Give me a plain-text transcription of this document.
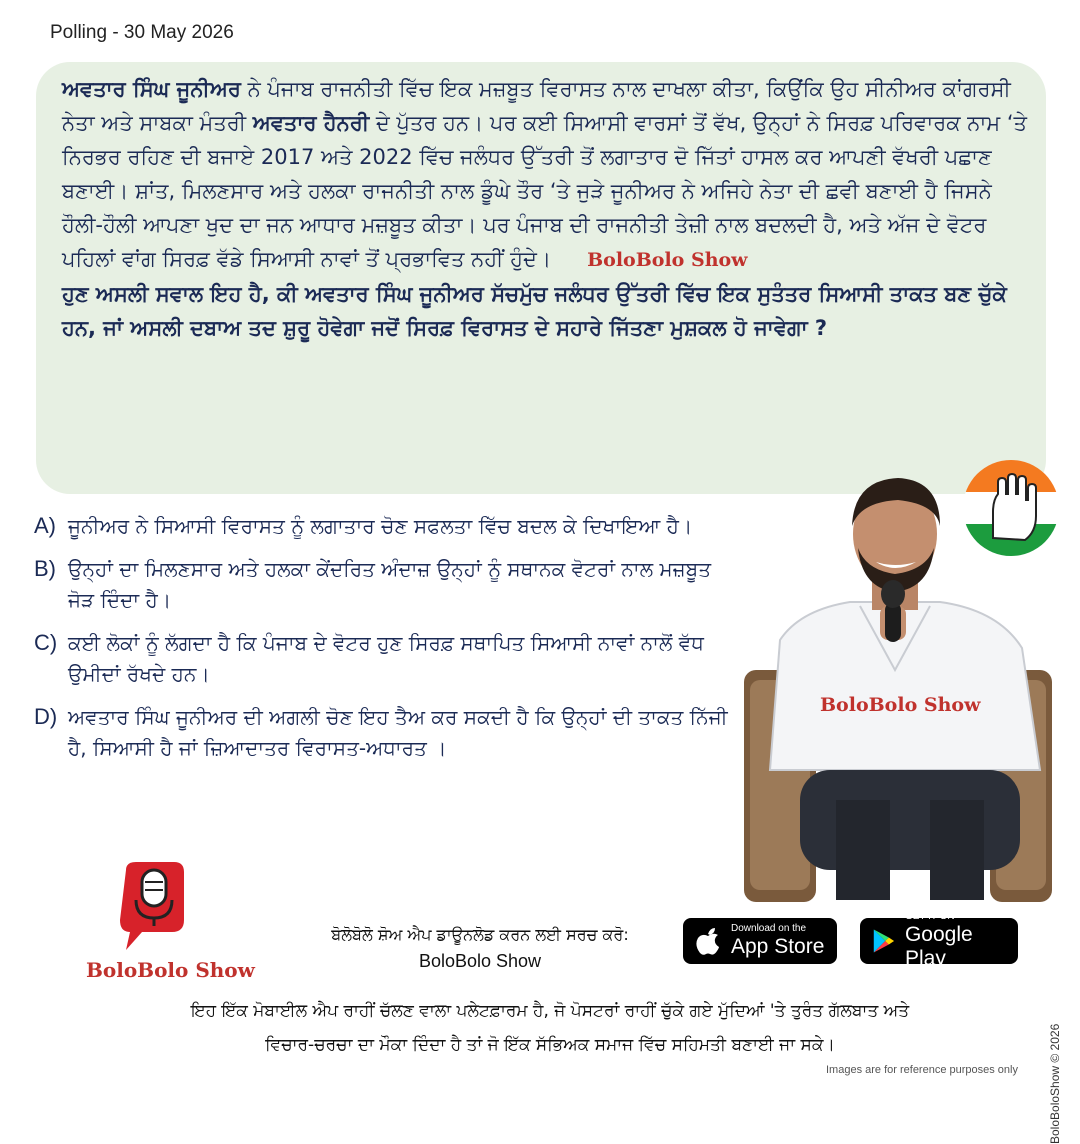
Polling - 30 May 2026
ਅਵਤਾਰ ਸਿੰਘ ਜੂਨੀਅਰ ਨੇ ਪੰਜਾਬ ਰਾਜਨੀਤੀ ਵਿੱਚ ਇਕ ਮਜ਼ਬੂਤ ਵਿਰਾਸਤ ਨਾਲ ਦਾਖਲਾ ਕੀਤਾ, ਕਿਉਂਕਿ ਉਹ ਸੀਨੀਅਰ ਕਾਂਗਰਸੀ ਨੇਤਾ ਅਤੇ ਸਾਬਕਾ ਮੰਤਰੀ ਅਵਤਾਰ ਹੈਨਰੀ ਦੇ ਪੁੱਤਰ ਹਨ। ਪਰ ਕਈ ਸਿਆਸੀ ਵਾਰਸਾਂ ਤੋਂ ਵੱਖ, ਉਨ੍ਹਾਂ ਨੇ ਸਿਰਫ਼ ਪਰਿਵਾਰਕ ਨਾਮ ‘ਤੇ ਨਿਰਭਰ ਰਹਿਣ ਦੀ ਬਜਾਏ 2017 ਅਤੇ 2022 ਵਿੱਚ ਜਲੰਧਰ ਉੱਤਰੀ ਤੋਂ ਲਗਾਤਾਰ ਦੋ ਜਿੱਤਾਂ ਹਾਸਲ ਕਰ ਆਪਣੀ ਵੱਖਰੀ ਪਛਾਣ ਬਣਾਈ। ਸ਼ਾਂਤ, ਮਿਲਣਸਾਰ ਅਤੇ ਹਲਕਾ ਰਾਜਨੀਤੀ ਨਾਲ ਡੂੰਘੇ ਤੌਰ ‘ਤੇ ਜੁੜੇ ਜੂਨੀਅਰ ਨੇ ਅਜਿਹੇ ਨੇਤਾ ਦੀ ਛਵੀ ਬਣਾਈ ਹੈ ਜਿਸਨੇ ਹੌਲੀ-ਹੌਲੀ ਆਪਣਾ ਖੁਦ ਦਾ ਜਨ ਆਧਾਰ ਮਜ਼ਬੂਤ ਕੀਤਾ। ਪਰ ਪੰਜਾਬ ਦੀ ਰਾਜਨੀਤੀ ਤੇਜ਼ੀ ਨਾਲ ਬਦਲਦੀ ਹੈ, ਅਤੇ ਅੱਜ ਦੇ ਵੋਟਰ ਪਹਿਲਾਂ ਵਾਂਗ ਸਿਰਫ਼ ਵੱਡੇ ਸਿਆਸੀ ਨਾਵਾਂ ਤੋਂ ਪ੍ਰਭਾਵਿਤ ਨਹੀਂ ਹੁੰਦੇ। BoloBolo Show
ਹੁਣ ਅਸਲੀ ਸਵਾਲ ਇਹ ਹੈ, ਕੀ ਅਵਤਾਰ ਸਿੰਘ ਜੂਨੀਅਰ ਸੱਚਮੁੱਚ ਜਲੰਧਰ ਉੱਤਰੀ ਵਿੱਚ ਇਕ ਸੁਤੰਤਰ ਸਿਆਸੀ ਤਾਕਤ ਬਣ ਚੁੱਕੇ ਹਨ, ਜਾਂ ਅਸਲੀ ਦਬਾਅ ਤਦ ਸ਼ੁਰੂ ਹੋਵੇਗਾ ਜਦੋਂ ਸਿਰਫ਼ ਵਿਰਾਸਤ ਦੇ ਸਹਾਰੇ ਜਿੱਤਣਾ ਮੁਸ਼ਕਲ ਹੋ ਜਾਵੇਗਾ ?
A) ਜੂਨੀਅਰ ਨੇ ਸਿਆਸੀ ਵਿਰਾਸਤ ਨੂੰ ਲਗਾਤਾਰ ਚੋਣ ਸਫਲਤਾ ਵਿੱਚ ਬਦਲ ਕੇ ਦਿਖਾਇਆ ਹੈ।
B) ਉਨ੍ਹਾਂ ਦਾ ਮਿਲਣਸਾਰ ਅਤੇ ਹਲਕਾ ਕੇਂਦਰਿਤ ਅੰਦਾਜ਼ ਉਨ੍ਹਾਂ ਨੂੰ ਸਥਾਨਕ ਵੋਟਰਾਂ ਨਾਲ ਮਜ਼ਬੂਤ ਜੋੜ ਦਿੰਦਾ ਹੈ।
C) ਕਈ ਲੋਕਾਂ ਨੂੰ ਲੱਗਦਾ ਹੈ ਕਿ ਪੰਜਾਬ ਦੇ ਵੋਟਰ ਹੁਣ ਸਿਰਫ਼ ਸਥਾਪਿਤ ਸਿਆਸੀ ਨਾਵਾਂ ਨਾਲੋਂ ਵੱਧ ਉਮੀਦਾਂ ਰੱਖਦੇ ਹਨ।
D) ਅਵਤਾਰ ਸਿੰਘ ਜੂਨੀਅਰ ਦੀ ਅਗਲੀ ਚੋਣ ਇਹ ਤੈਅ ਕਰ ਸਕਦੀ ਹੈ ਕਿ ਉਨ੍ਹਾਂ ਦੀ ਤਾਕਤ ਨਿੱਜੀ ਹੈ, ਸਿਆਸੀ ਹੈ ਜਾਂ ਜ਼ਿਆਦਾਤਰ ਵਿਰਾਸਤ-ਅਧਾਰਤ ।
BoloBolo Show
BoloBolo Show
ਬੋਲੋਬੋਲੋ ਸ਼ੋਅ ਐਪ ਡਾਊਨਲੋਡ ਕਰਨ ਲਈ ਸਰਚ ਕਰੋ:
BoloBolo Show
Download on the
App Store
GET IT ON
Google Play
ਇਹ ਇੱਕ ਮੋਬਾਈਲ ਐਪ ਰਾਹੀਂ ਚੱਲਣ ਵਾਲਾ ਪਲੇਟਫ਼ਾਰਮ ਹੈ, ਜੋ ਪੋਸਟਰਾਂ ਰਾਹੀਂ ਚੁੱਕੇ ਗਏ ਮੁੱਦਿਆਂ 'ਤੇ ਤੁਰੰਤ ਗੱਲਬਾਤ ਅਤੇ
ਵਿਚਾਰ-ਚਰਚਾ ਦਾ ਮੌਕਾ ਦਿੰਦਾ ਹੈ ਤਾਂ ਜੋ ਇੱਕ ਸੱਭਿਅਕ ਸਮਾਜ ਵਿੱਚ ਸਹਿਮਤੀ ਬਣਾਈ ਜਾ ਸਕੇ।	BoloBoloShow © 2026
Images are for reference purposes only
